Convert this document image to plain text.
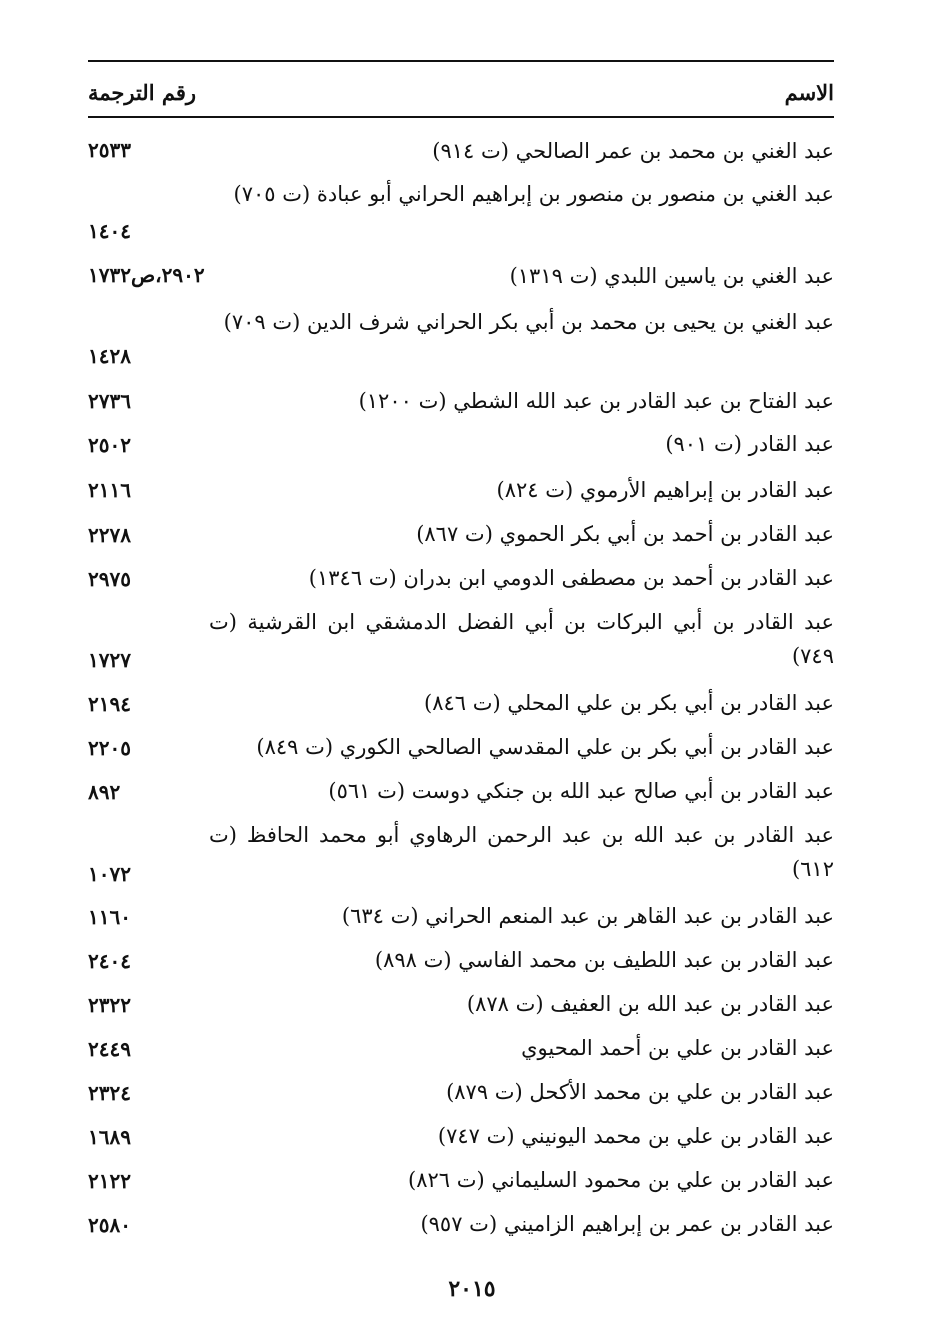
الاسم
رقم الترجمة
عبد الغني بن محمد بن عمر الصالحي (ت ٩١٤)
٢٥٣٣
عبد الغني بن منصور بن منصور بن إبراهيم الحراني أبو عبادة (ت ٧٠٥)
١٤٠٤
عبد الغني بن ياسين اللبدي (ت ١٣١٩)
٢٩٠٢،ص١٧٣٢
عبد الغني بن يحيى بن محمد بن أبي بكر الحراني شرف الدين (ت ٧٠٩)
١٤٢٨
عبد الفتاح بن عبد القادر بن عبد الله الشطي (ت ١٢٠٠)
٢٧٣٦
عبد القادر (ت ٩٠١)
٢٥٠٢
عبد القادر بن إبراهيم الأرموي (ت ٨٢٤)
٢١١٦
عبد القادر بن أحمد بن أبي بكر الحموي (ت ٨٦٧)
٢٢٧٨
عبد القادر بن أحمد بن مصطفى الدومي ابن بدران (ت ١٣٤٦)
٢٩٧٥
عبد القادر بن أبي البركات بن أبي الفضل الدمشقي ابن القرشية (ت ٧٤٩)
١٧٢٧
عبد القادر بن أبي بكر بن علي المحلي (ت ٨٤٦)
٢١٩٤
عبد القادر بن أبي بكر بن علي المقدسي الصالحي الكوري (ت ٨٤٩)
٢٢٠٥
عبد القادر بن أبي صالح عبد الله بن جنكي دوست (ت ٥٦١)
٨٩٢
عبد القادر بن عبد الله بن عبد الرحمن الرهاوي أبو محمد الحافظ (ت ٦١٢)
١٠٧٢
عبد القادر بن عبد القاهر بن عبد المنعم الحراني (ت ٦٣٤)
١١٦٠
عبد القادر بن عبد اللطيف بن محمد الفاسي (ت ٨٩٨)
٢٤٠٤
عبد القادر بن عبد الله بن العفيف (ت ٨٧٨)
٢٣٢٢
عبد القادر بن علي بن أحمد المحيوي
٢٤٤٩
عبد القادر بن علي بن محمد الأكحل (ت ٨٧٩)
٢٣٢٤
عبد القادر بن علي بن محمد اليونيني (ت ٧٤٧)
١٦٨٩
عبد القادر بن علي بن محمود السليماني (ت ٨٢٦)
٢١٢٢
عبد القادر بن عمر بن إبراهيم الزاميني (ت ٩٥٧)
٢٥٨٠
٢٠١٥
